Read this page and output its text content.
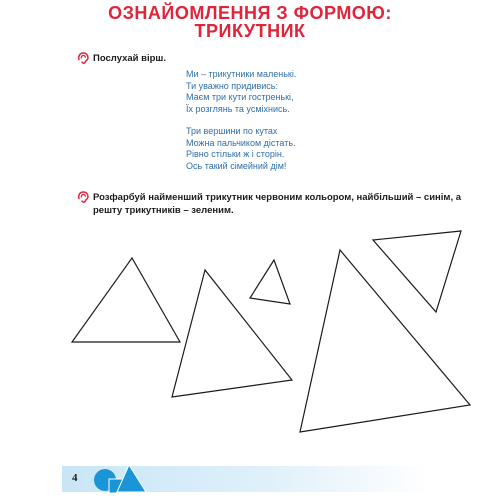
ОЗНАЙОМЛЕННЯ З ФОРМОЮ:
ТРИКУТНИК
Послухай вірш.
Ми – трикутники маленькі.
Ти уважно придивись:
Маєм три кути гостренькі,
Їх розглянь та усміхнись.
Три вершини по кутах
Можна пальчиком дістать.
Рівно стільки ж і сторін.
Ось такий сімейний дім!
Розфарбуй найменший трикутник червоним кольором, найбільший – синім, а
решту трикутників – зеленим.
4
